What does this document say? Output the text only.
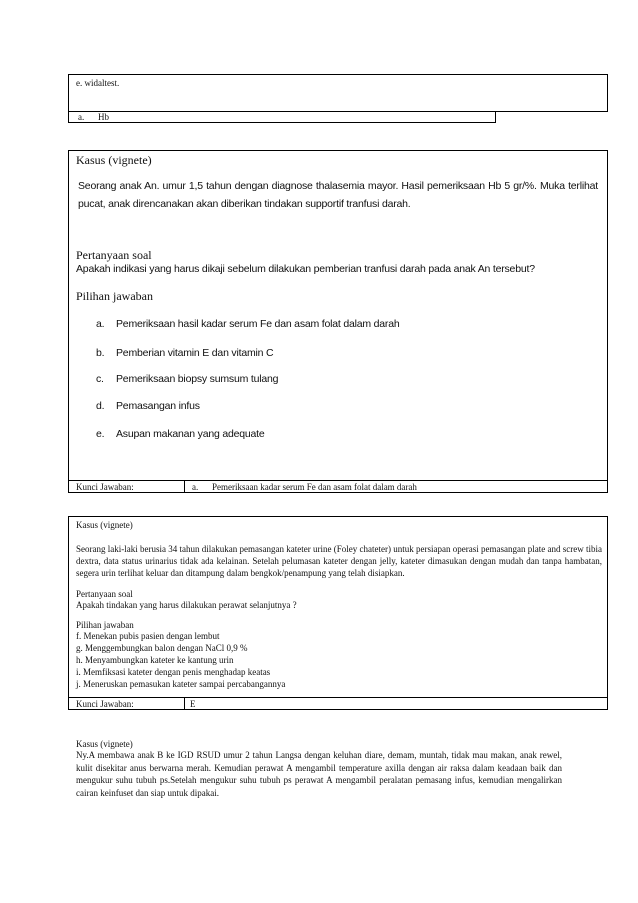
e. widaltest.
a. Hb
Kasus (vignete)
Seorang anak An. umur 1,5 tahun dengan diagnose thalasemia mayor. Hasil pemeriksaan Hb 5 gr/%. Muka terlihat pucat, anak direncanakan akan diberikan tindakan supportif tranfusi darah.
Pertanyaan soal
Apakah indikasi yang harus dikaji sebelum dilakukan pemberian tranfusi darah pada anak An tersebut?
Pilihan jawaban
a. Pemeriksaan hasil kadar serum Fe dan asam folat dalam darah
b. Pemberian vitamin E dan vitamin C
c. Pemeriksaan biopsy sumsum tulang
d. Pemasangan infus
e. Asupan makanan yang adequate
Kunci Jawaban:	a. Pemeriksaan kadar serum Fe dan asam folat dalam darah
Kasus (vignete)
Seorang laki-laki berusia 34 tahun dilakukan pemasangan kateter urine (Foley chateter) untuk persiapan operasi pemasangan plate and screw tibia dextra, data status urinarius tidak ada kelainan. Setelah pelumasan kateter dengan jelly, kateter dimasukan dengan mudah dan tanpa hambatan, segera urin terlihat keluar dan ditampung dalam bengkok/penampung yang telah disiapkan.
Pertanyaan soal
Apakah tindakan yang harus dilakukan perawat selanjutnya ?
Pilihan jawaban
f. Menekan pubis pasien dengan lembut
g. Menggembungkan balon dengan NaCl 0,9 %
h. Menyambungkan kateter ke kantung urin
i. Memfiksasi kateter dengan penis menghadap keatas
j. Meneruskan pemasukan kateter sampai percabangannya
Kunci Jawaban:	E
Kasus (vignete)
Ny.A membawa anak B ke IGD RSUD umur 2 tahun Langsa dengan keluhan diare, demam, muntah, tidak mau makan, anak rewel, kulit disekitar anus berwarna merah. Kemudian perawat A mengambil temperature axilla dengan air raksa dalam keadaan baik dan mengukur suhu tubuh ps.Setelah mengukur suhu tubuh ps perawat A mengambil peralatan pemasang infus, kemudian mengalirkan cairan keinfuset dan siap untuk dipakai.
